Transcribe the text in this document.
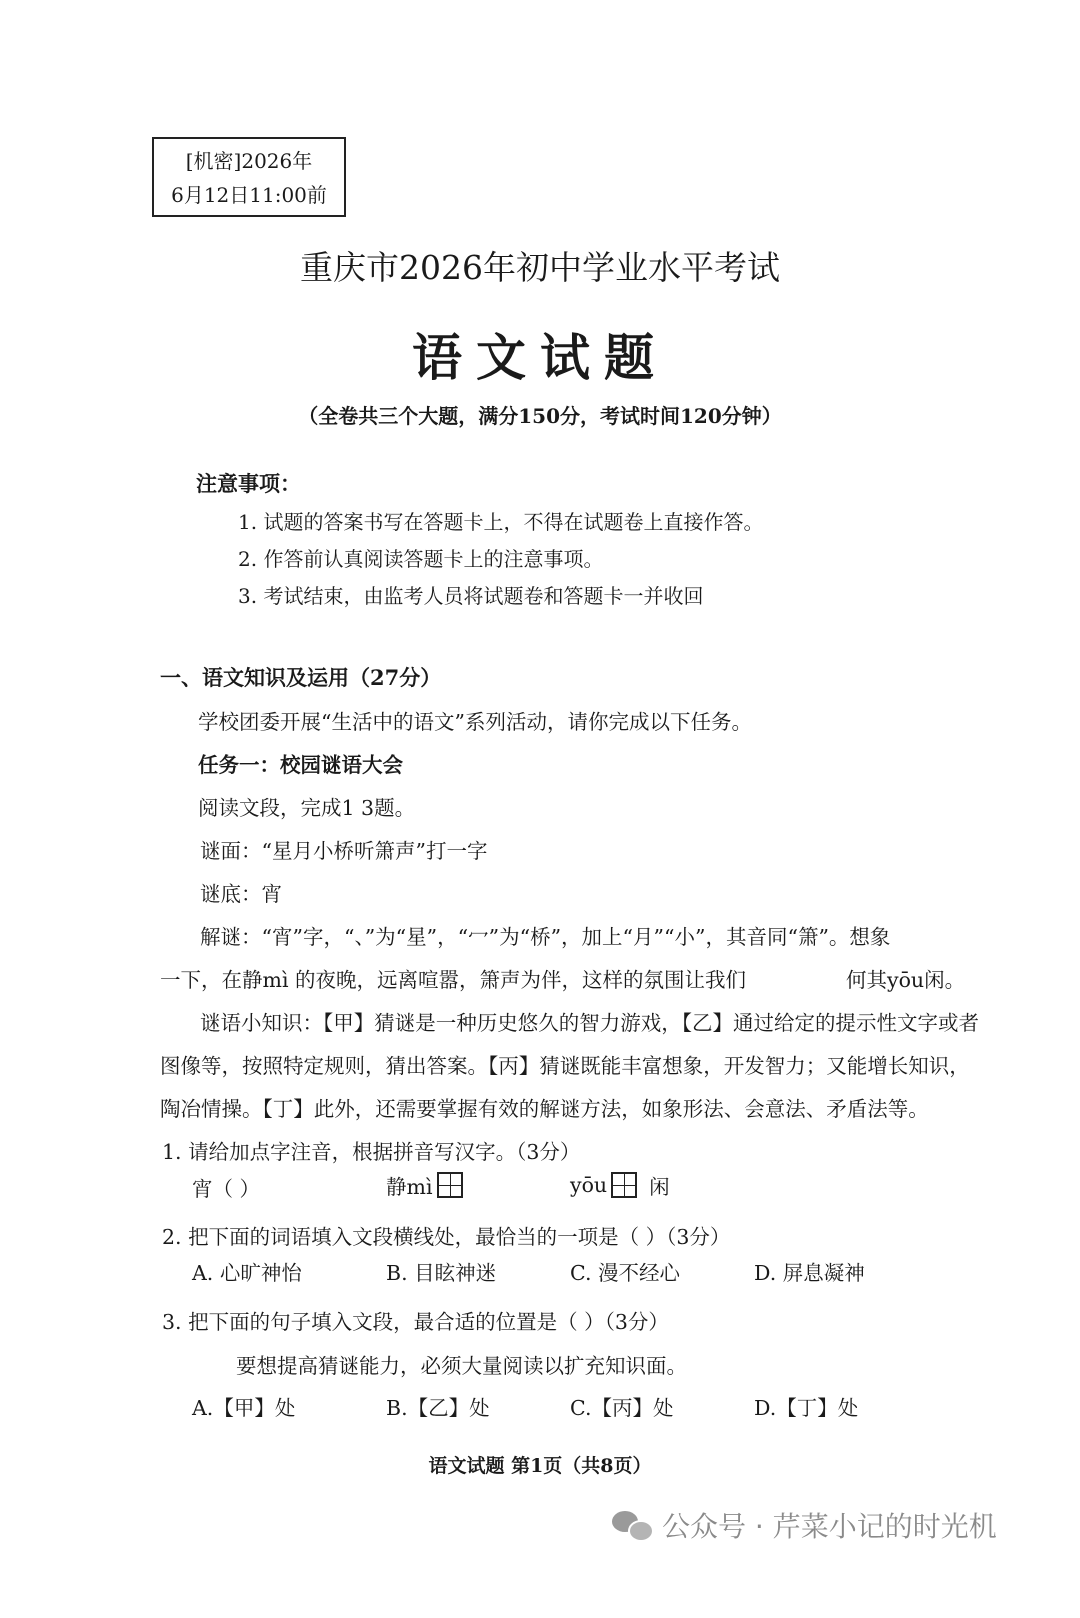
[机密]2026年
6月12日11:00前
重庆市2026年初中学业水平考试
语文试题
（全卷共三个大题，满分150分，考试时间120分钟）
注意事项：
1. 试题的答案书写在答题卡上，不得在试题卷上直接作答。
2. 作答前认真阅读答题卡上的注意事项。
3. 考试结束，由监考人员将试题卷和答题卡一并收回
一、语文知识及运用（27分）
学校团委开展“生活中的语文”系列活动，请你完成以下任务。
任务一：校园谜语大会
阅读文段，完成1 3题。
谜面：“星月小桥听箫声”打一字
谜底：宵
解谜：“宵”字，“、”为“星”，“冖”为“桥”，加上“月”“小”，其音同“箫”。想象
一下，在静mì 的夜晚，远离喧嚣，箫声为伴，这样的氛围让我们	何其yōu闲。
谜语小知识：【甲】猜谜是一种历史悠久的智力游戏，【乙】通过给定的提示性文字或者
图像等，按照特定规则，猜出答案。【丙】猜谜既能丰富想象，开发智力；又能增长知识，
陶冶情操。【丁】此外，还需要掌握有效的解谜方法，如象形法、会意法、矛盾法等。
1. 请给加点字注音，根据拼音写汉字。（3分）
宵（ ）	静mì	yōu 闲
2. 把下面的词语填入文段横线处，最恰当的一项是（ ）（3分）
A. 心旷神怡	B. 目眩神迷	C. 漫不经心	D. 屏息凝神
3. 把下面的句子填入文段，最合适的位置是（ ）（3分）
要想提高猜谜能力，必须大量阅读以扩充知识面。
A.【甲】处	B.【乙】处	C.【丙】处	D.【丁】处
语文试题 第1页（共8页）
公众号 · 芹菜小记的时光机
